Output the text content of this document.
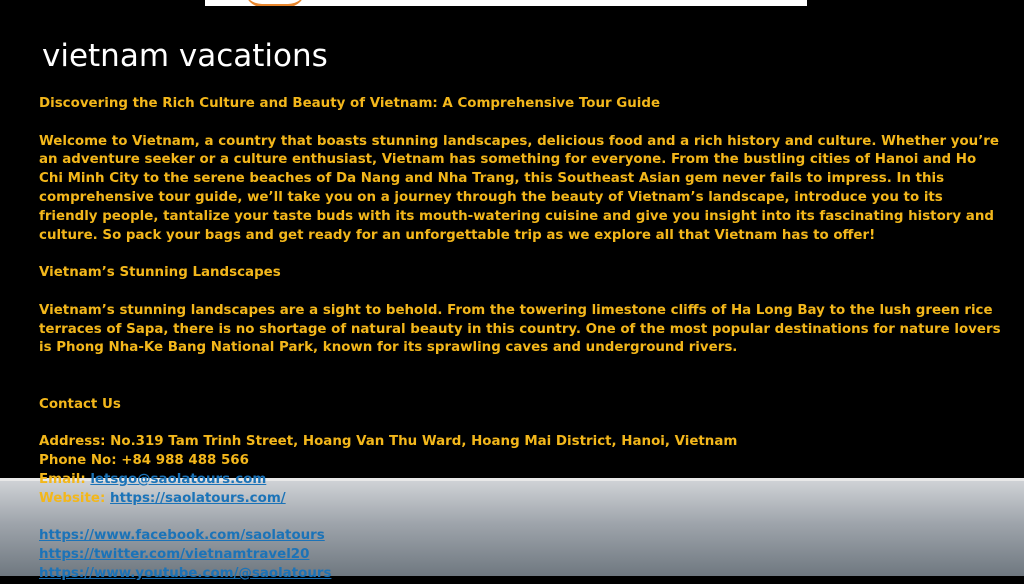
vietnam vacations

Discovering the Rich Culture and Beauty of Vietnam: A Comprehensive Tour Guide

Welcome to Vietnam, a country that boasts stunning landscapes, delicious food and a rich history and culture. Whether you’re an adventure seeker or a culture enthusiast, Vietnam has something for everyone. From the bustling cities of Hanoi and Ho Chi Minh City to the serene beaches of Da Nang and Nha Trang, this Southeast Asian gem never fails to impress. In this comprehensive tour guide, we’ll take you on a journey through the beauty of Vietnam’s landscape, introduce you to its friendly people, tantalize your taste buds with its mouth-watering cuisine and give you insight into its fascinating history and culture. So pack your bags and get ready for an unforgettable trip as we explore all that Vietnam has to offer!

Vietnam’s Stunning Landscapes

Vietnam’s stunning landscapes are a sight to behold. From the towering limestone cliffs of Ha Long Bay to the lush green rice terraces of Sapa, there is no shortage of natural beauty in this country. One of the most popular destinations for nature lovers is Phong Nha-Ke Bang National Park, known for its sprawling caves and underground rivers.

Contact Us

Address: No.319 Tam Trinh Street, Hoang Van Thu Ward, Hoang Mai District, Hanoi, Vietnam

Phone No: +84 988 488 566

Email: letsgo@saolatours.com

Website: https://saolatours.com/

https://www.facebook.com/saolatours

https://twitter.com/vietnamtravel20

https://www.youtube.com/@saolatours
